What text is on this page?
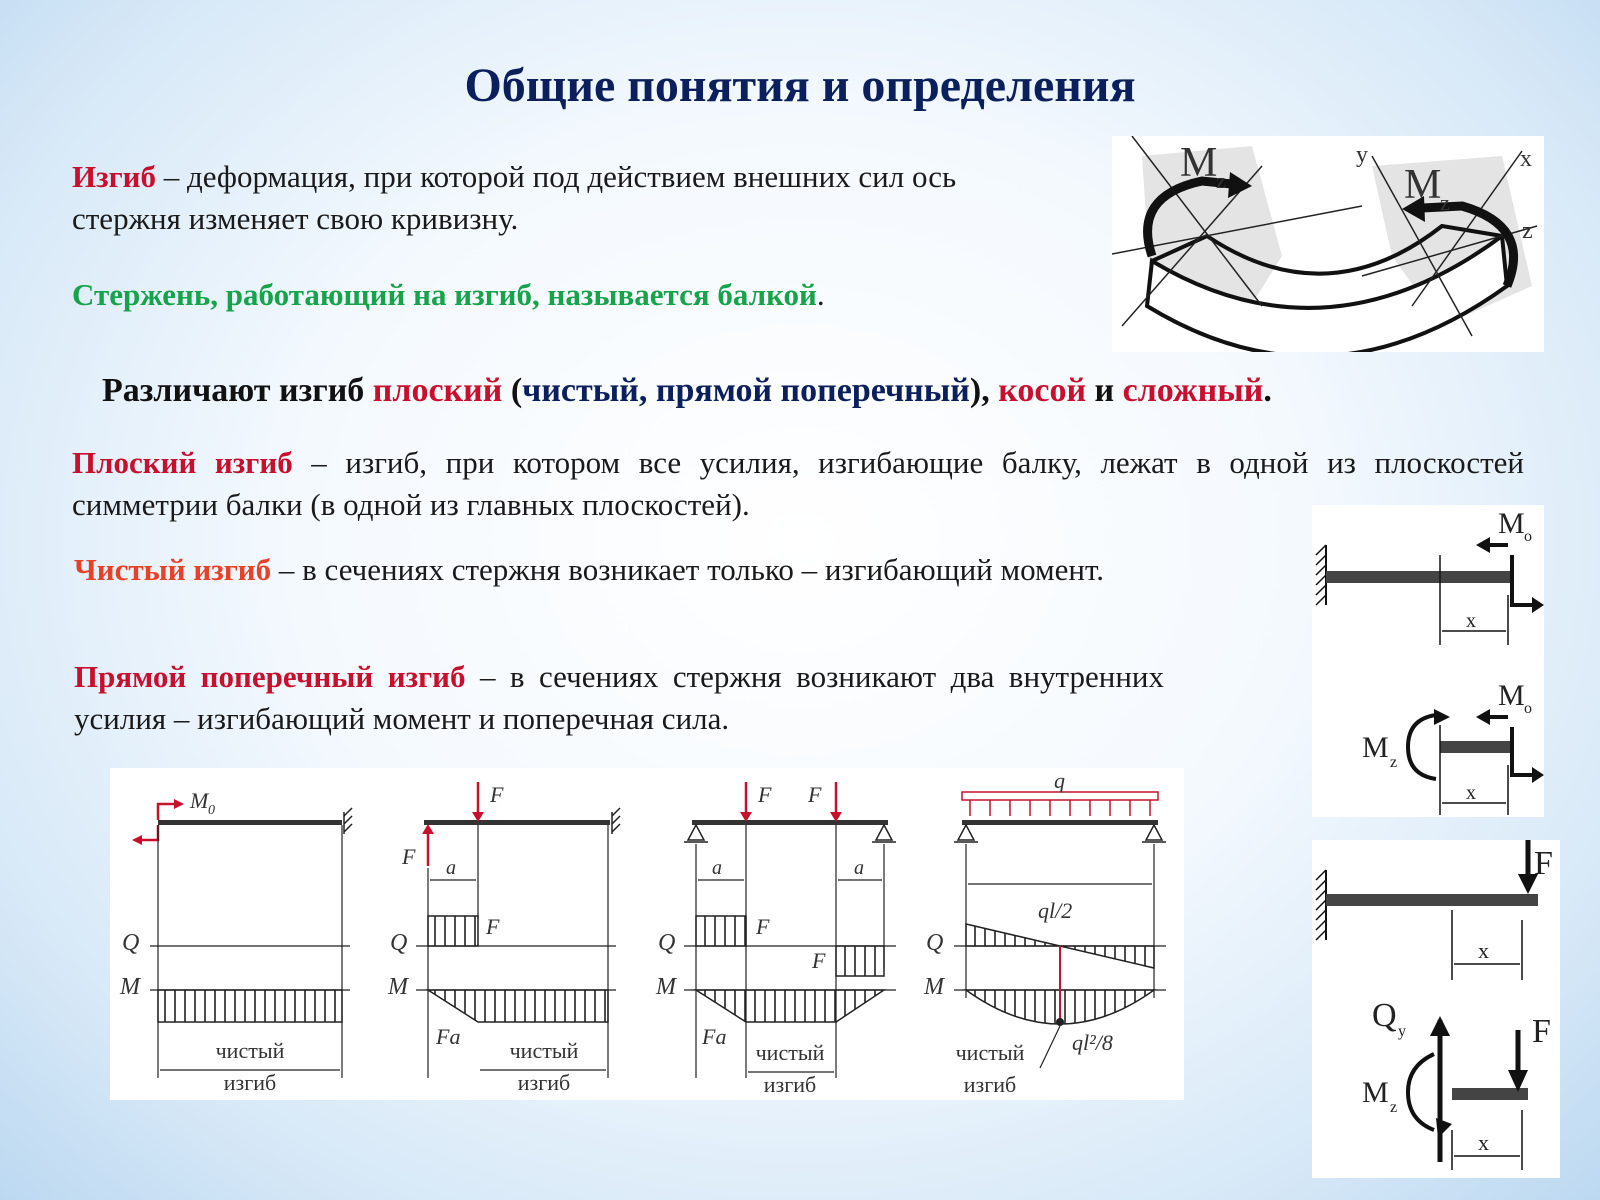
Общие понятия и определения
Изгиб – деформация, при которой под действием внешних сил ось стержня изменяет свою кривизну.
Стержень, работающий на изгиб, называется балкой.
M
z	M
z
y	x
z
Различают изгиб плоский (чистый, прямой поперечный), косой и сложный.
Плоский изгиб – изгиб, при котором все усилия, изгибающие балку, лежат в одной из плоскостей симметрии балки (в одной из главных плоскостей).
Чистый изгиб – в сечениях стержня возникает только – изгибающий момент.
Прямой поперечный изгиб – в сечениях стержня возникают два внутренних усилия – изгибающий момент и поперечная сила.
x
M o
M z
x
M o
F
x
Q y
M z
F
x
M 0
Q
M
чистый
изгиб
F
F a
F
Fa
Q
M
чистый
изгиб
F F
a	a
F
F
Fa
Q
M
чистый
изгиб
q
ql/2
ql²/8
Q
M
чистый
изгиб
